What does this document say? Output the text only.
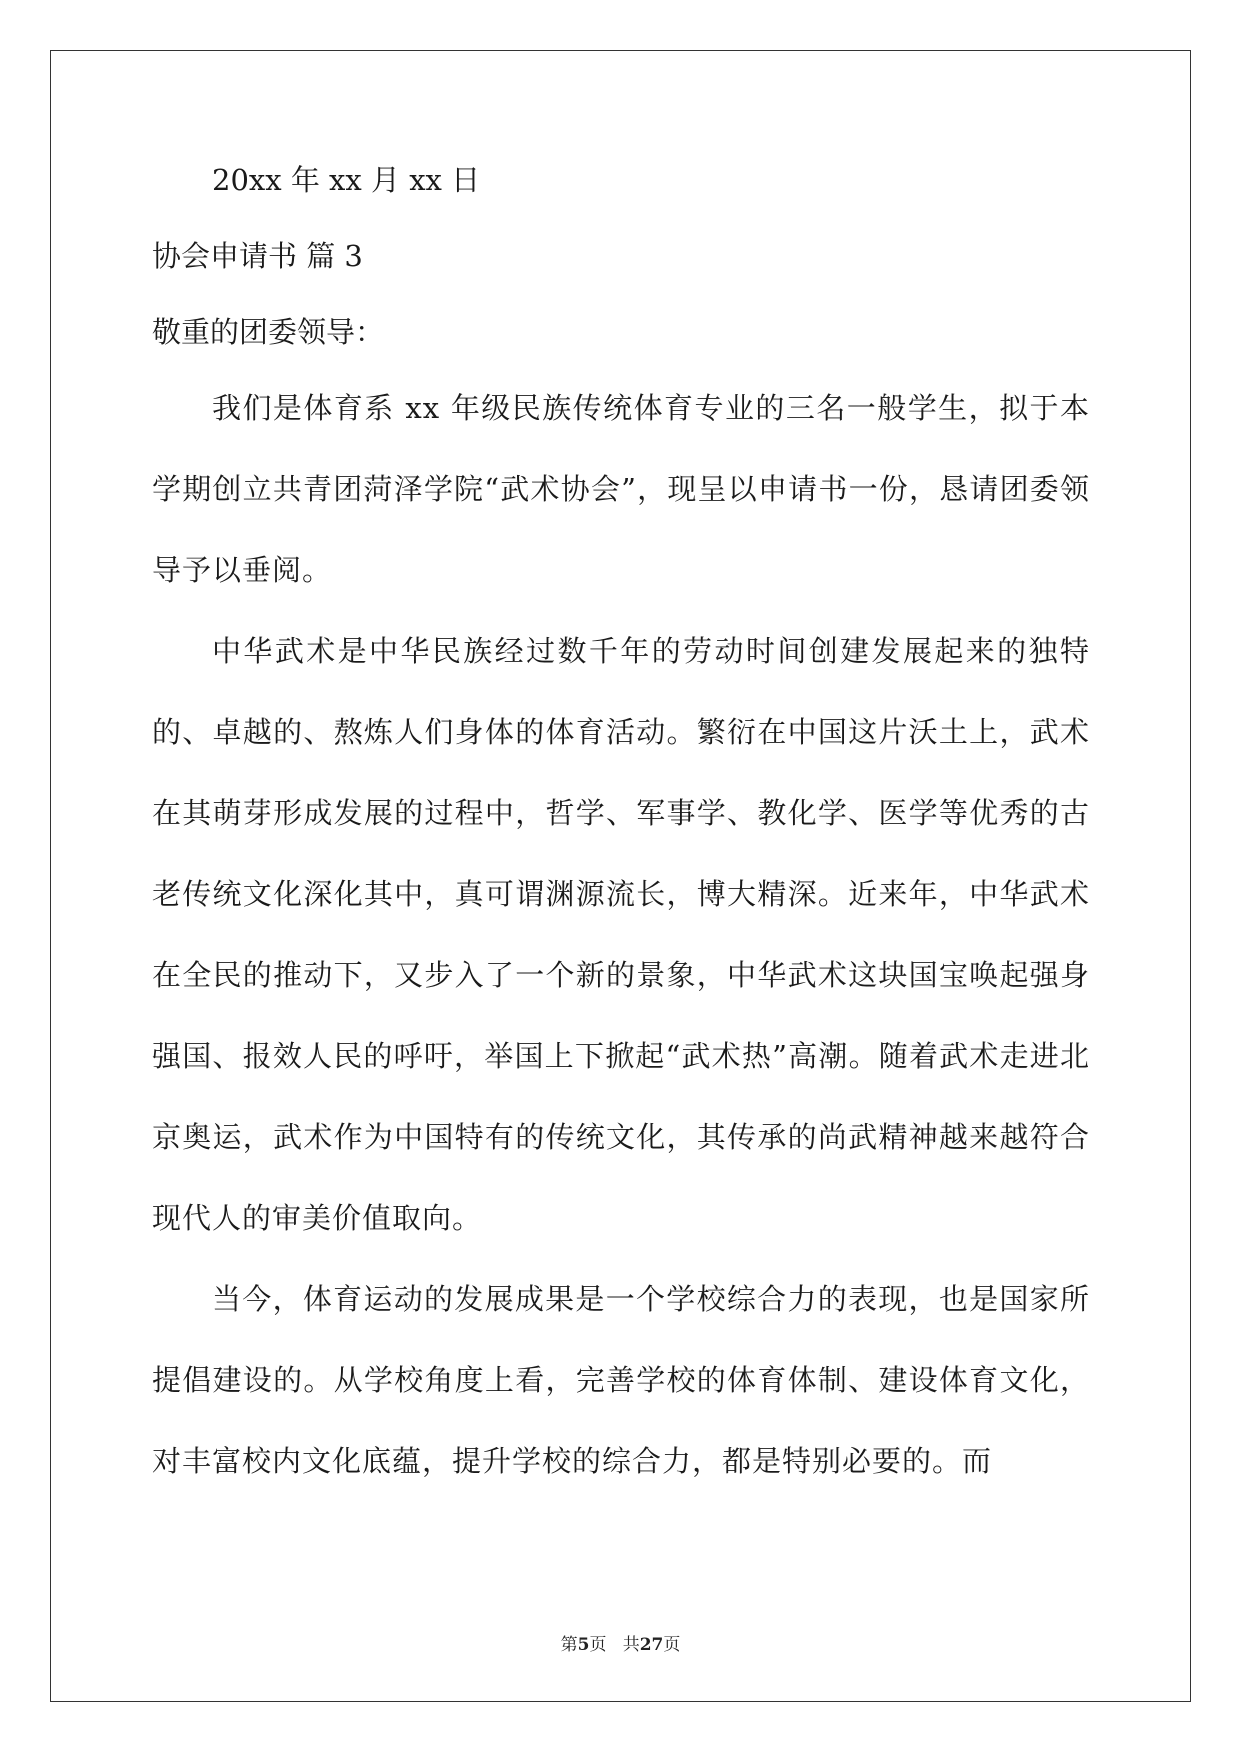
20xx 年 xx 月 xx 日

协会申请书 篇 3

敬重的团委领导：

我们是体育系 xx 年级民族传统体育专业的三名一般学生，拟于本学期创立共青团菏泽学院“武术协会”，现呈以申请书一份，恳请团委领导予以垂阅。

中华武术是中华民族经过数千年的劳动时间创建发展起来的独特的、卓越的、熬炼人们身体的体育活动。繁衍在中国这片沃土上，武术在其萌芽形成发展的过程中，哲学、军事学、教化学、医学等优秀的古老传统文化深化其中，真可谓渊源流长，博大精深。近来年，中华武术在全民的推动下，又步入了一个新的景象，中华武术这块国宝唤起强身强国、报效人民的呼吁，举国上下掀起“武术热”高潮。随着武术走进北京奥运，武术作为中国特有的传统文化，其传承的尚武精神越来越符合现代人的审美价值取向。

当今，体育运动的发展成果是一个学校综合力的表现，也是国家所提倡建设的。从学校角度上看，完善学校的体育体制、建设体育文化，对丰富校内文化底蕴，提升学校的综合力，都是特别必要的。而

第5页 共27页
